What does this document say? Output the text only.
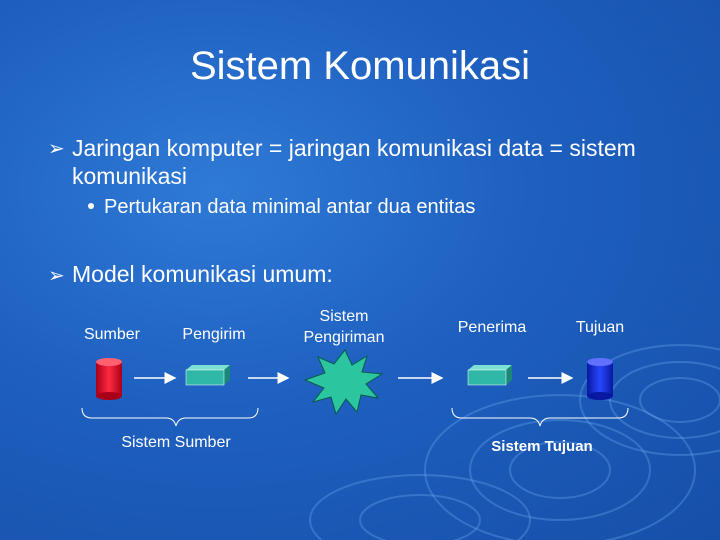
Sistem Komunikasi
➢ Jaringan komputer = jaringan komunikasi data = sistem komunikasi
Pertukaran data minimal antar dua entitas
➢ Model komunikasi umum:
Sumber	Pengirim
Sistem
Pengiriman
Penerima	Tujuan
Sistem Sumber	Sistem Tujuan
